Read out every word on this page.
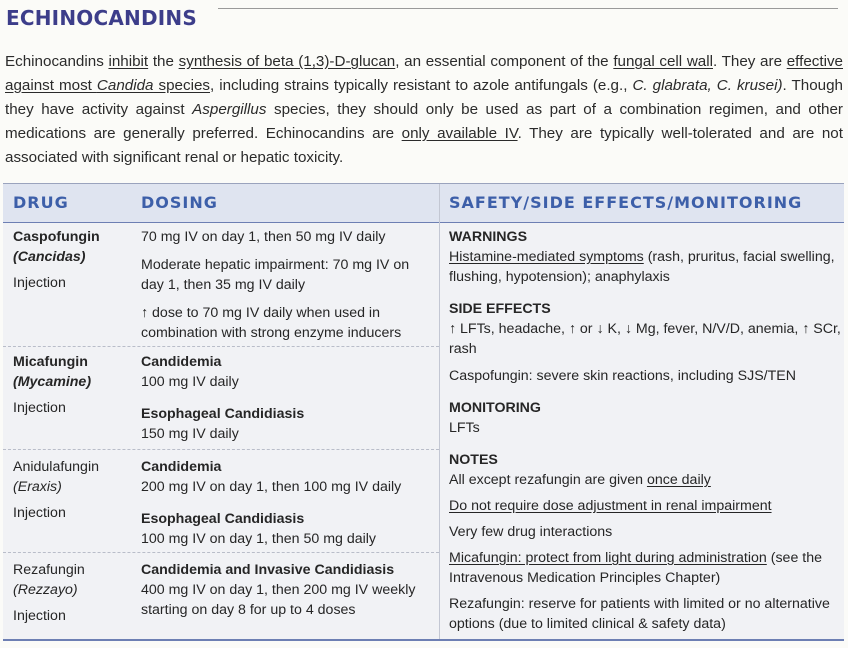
ECHINOCANDINS

Echinocandins inhibit the synthesis of beta (1,3)-D-glucan, an essential component of the fungal cell wall. They are effective against most Candida species, including strains typically resistant to azole antifungals (e.g., C. glabrata, C. krusei). Though they have activity against Aspergillus species, they should only be used as part of a combination regimen, and other medications are generally preferred. Echinocandins are only available IV. They are typically well-tolerated and are not associated with significant renal or hepatic toxicity.

DRUG	DOSING	SAFETY/SIDE EFFECTS/MONITORING
Caspofungin
(Cancidas)
Injection
70 mg IV on day 1, then 50 mg IV daily
Moderate hepatic impairment: 70 mg IV on day 1, then 35 mg IV daily
↑ dose to 70 mg IV daily when used in combination with strong enzyme inducers
Micafungin
(Mycamine)
Injection
Candidemia
100 mg IV daily
Esophageal Candidiasis
150 mg IV daily
Anidulafungin
(Eraxis)
Injection
Candidemia
200 mg IV on day 1, then 100 mg IV daily
Esophageal Candidiasis
100 mg IV on day 1, then 50 mg daily
Rezafungin
(Rezzayo)
Injection
Candidemia and Invasive Candidiasis
400 mg IV on day 1, then 200 mg IV weekly starting on day 8 for up to 4 doses
WARNINGS
Histamine-mediated symptoms (rash, pruritus, facial swelling, flushing, hypotension); anaphylaxis
SIDE EFFECTS
↑ LFTs, headache, ↑ or ↓ K, ↓ Mg, fever, N/V/D, anemia, ↑ SCr, rash
Caspofungin: severe skin reactions, including SJS/TEN
MONITORING
LFTs
NOTES
All except rezafungin are given once daily
Do not require dose adjustment in renal impairment
Very few drug interactions
Micafungin: protect from light during administration (see the Intravenous Medication Principles Chapter)
Rezafungin: reserve for patients with limited or no alternative options (due to limited clinical & safety data)
